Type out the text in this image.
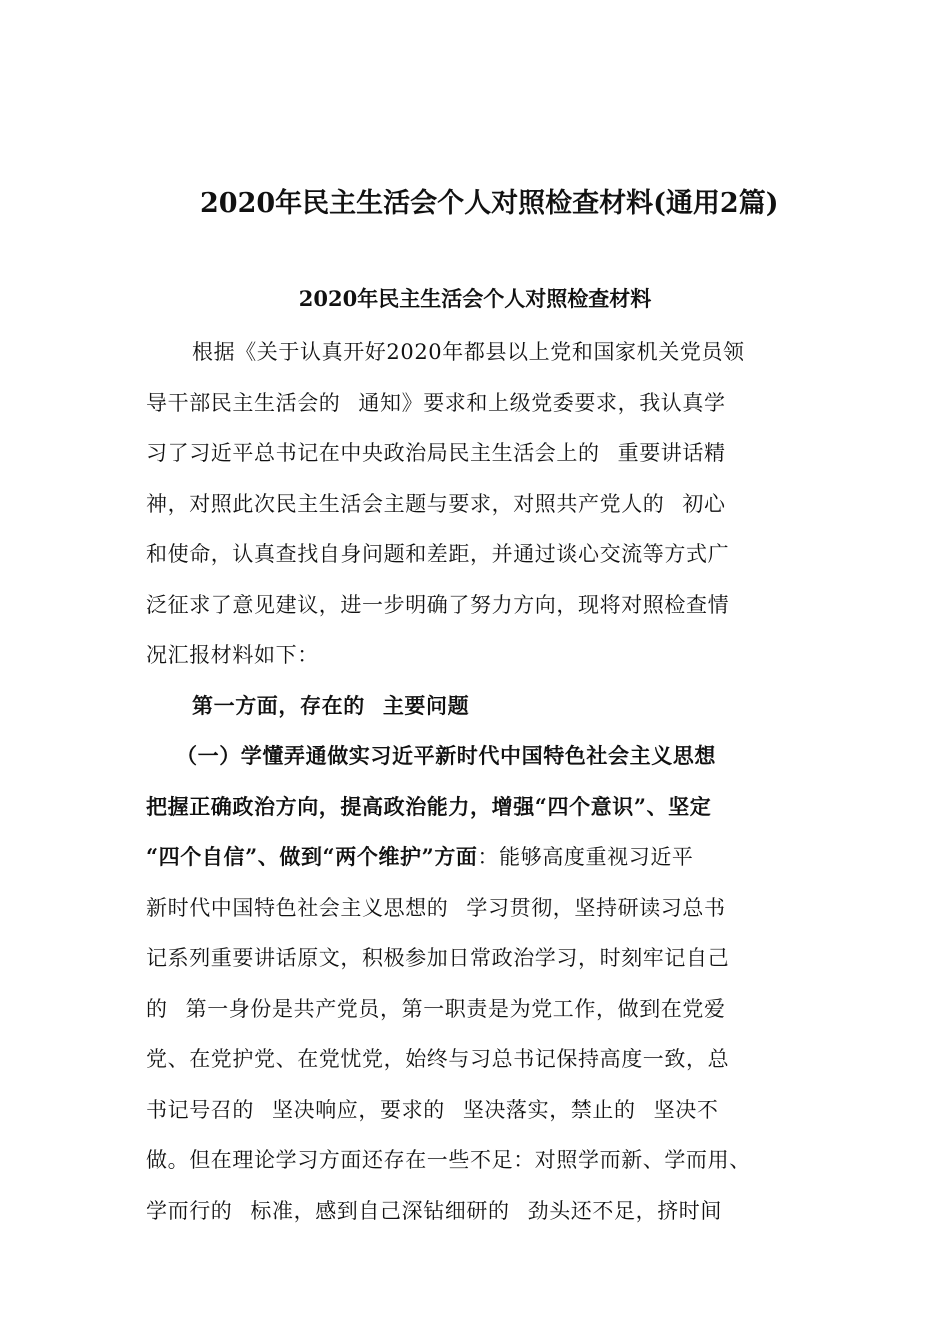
2020年民主生活会个人对照检查材料(通用2篇)
2020年民主生活会个人对照检查材料
根据《关于认真开好2020年都县以上党和国家机关党员领
导干部民主生活会的 通知》要求和上级党委要求，我认真学
习了习近平总书记在中央政治局民主生活会上的 重要讲话精
神，对照此次民主生活会主题与要求，对照共产党人的 初心
和使命，认真查找自身问题和差距，并通过谈心交流等方式广
泛征求了意见建议，进一步明确了努力方向，现将对照检查情
况汇报材料如下：
第一方面，存在的 主要问题
（一）学懂弄通做实习近平新时代中国特色社会主义思想
把握正确政治方向，提高政治能力，增强“四个意识”、坚定
“四个自信”、做到“两个维护”方面：能够高度重视习近平
新时代中国特色社会主义思想的 学习贯彻，坚持研读习总书
记系列重要讲话原文，积极参加日常政治学习，时刻牢记自己
的 第一身份是共产党员，第一职责是为党工作，做到在党爱
党、在党护党、在党忧党，始终与习总书记保持高度一致，总
书记号召的 坚决响应，要求的 坚决落实，禁止的 坚决不
做。但在理论学习方面还存在一些不足：对照学而新、学而用、
学而行的 标准，感到自己深钻细研的 劲头还不足，挤时间
